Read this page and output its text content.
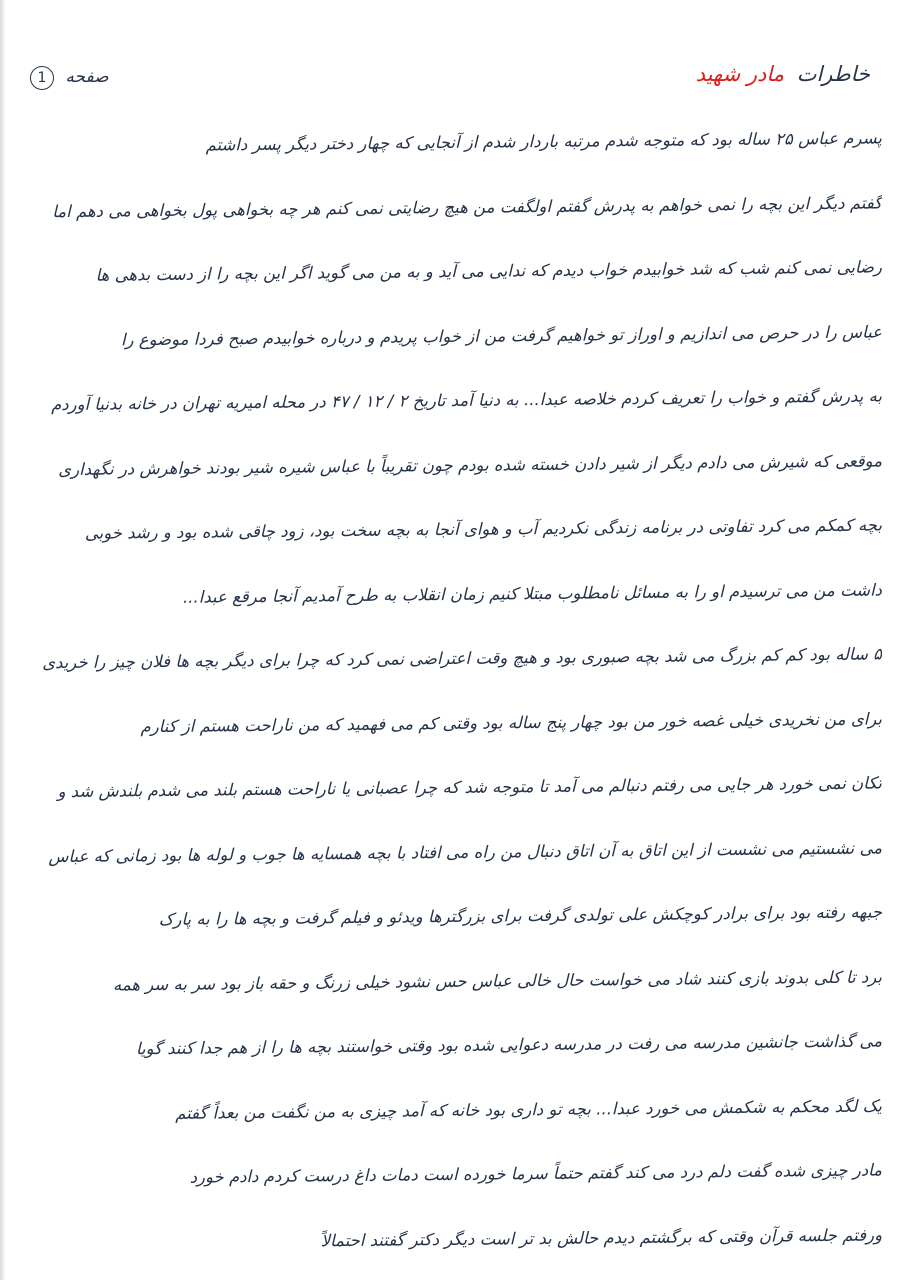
خاطرات مادر شهید
صفحه 1
پسرم عباس ۲۵ ساله بود که متوجه شدم مرتبه باردار شدم از آنجایی که چهار دختر دیگر پسر داشتم
گفتم دیگر این بچه را نمی خواهم به پدرش گفتم اولگفت من هیچ رضایتی نمی کنم هر چه بخواهی پول بخواهی می دهم اما
رضایی نمی کنم شب که شد خوابیدم خواب دیدم که ندایی می آید و به من می گوید اگر این بچه را از دست بدهی ها
عباس را در حرص می اندازیم و اوراز تو خواهیم گرفت من از خواب پریدم و درباره خوابیدم صبح فردا موضوع را
به پدرش گفتم و خواب را تعریف کردم خلاصه عبدا... به دنیا آمد تاریخ ۲ / ۱۲ / ۴۷ در محله امیریه تهران در خانه بدنیا آوردم
موقعی که شیرش می دادم دیگر از شیر دادن خسته شده بودم چون تقریباً با عباس شیره شیر بودند خواهرش در نگهداری
بچه کمکم می کرد تفاوتی در برنامه زندگی نکردیم آب و هوای آنجا به بچه سخت بود، زود چاقی شده بود و رشد خوبی
داشت من می ترسیدم او را به مسائل نامطلوب مبتلا کنیم زمان انقلاب به طرح آمدیم آنجا مرقع عبدا...
۵ ساله بود کم کم بزرگ می شد بچه صبوری بود و هیچ وقت اعتراضی نمی کرد که چرا برای دیگر بچه ها فلان چیز را خریدی
برای من نخریدی خیلی غصه خور من بود چهار پنج ساله بود وقتی کم می فهمید که من ناراحت هستم از کنارم
تکان نمی خورد هر جایی می رفتم دنبالم می آمد تا متوجه شد که چرا عصبانی یا ناراحت هستم بلند می شدم بلندش شد و
می نشستیم می نشست از این اتاق به آن اتاق دنبال من راه می افتاد با بچه همسایه ها جوب و لوله ها بود زمانی که عباس
جبهه رفته بود برای برادر کوچکش علی تولدی گرفت برای بزرگترها ویدئو و فیلم گرفت و بچه ها را به پارک
برد تا کلی بدوند بازی کنند شاد می خواست حال خالی عباس حس نشود خیلی زرنگ و حقه باز بود سر به سر همه
می گذاشت جانشین مدرسه می رفت در مدرسه دعوایی شده بود وقتی خواستند بچه ها را از هم جدا کنند گویا
یک لگد محکم به شکمش می خورد عبدا... بچه تو داری بود خانه که آمد چیزی به من نگفت من بعداً گفتم
مادر چیزی شده گفت دلم درد می کند گفتم حتماً سرما خورده است دمات داغ درست کردم دادم خورد
ورفتم جلسه قرآن وقتی که برگشتم دیدم حالش بد تر است دیگر دکتر گفتند احتمالاً
